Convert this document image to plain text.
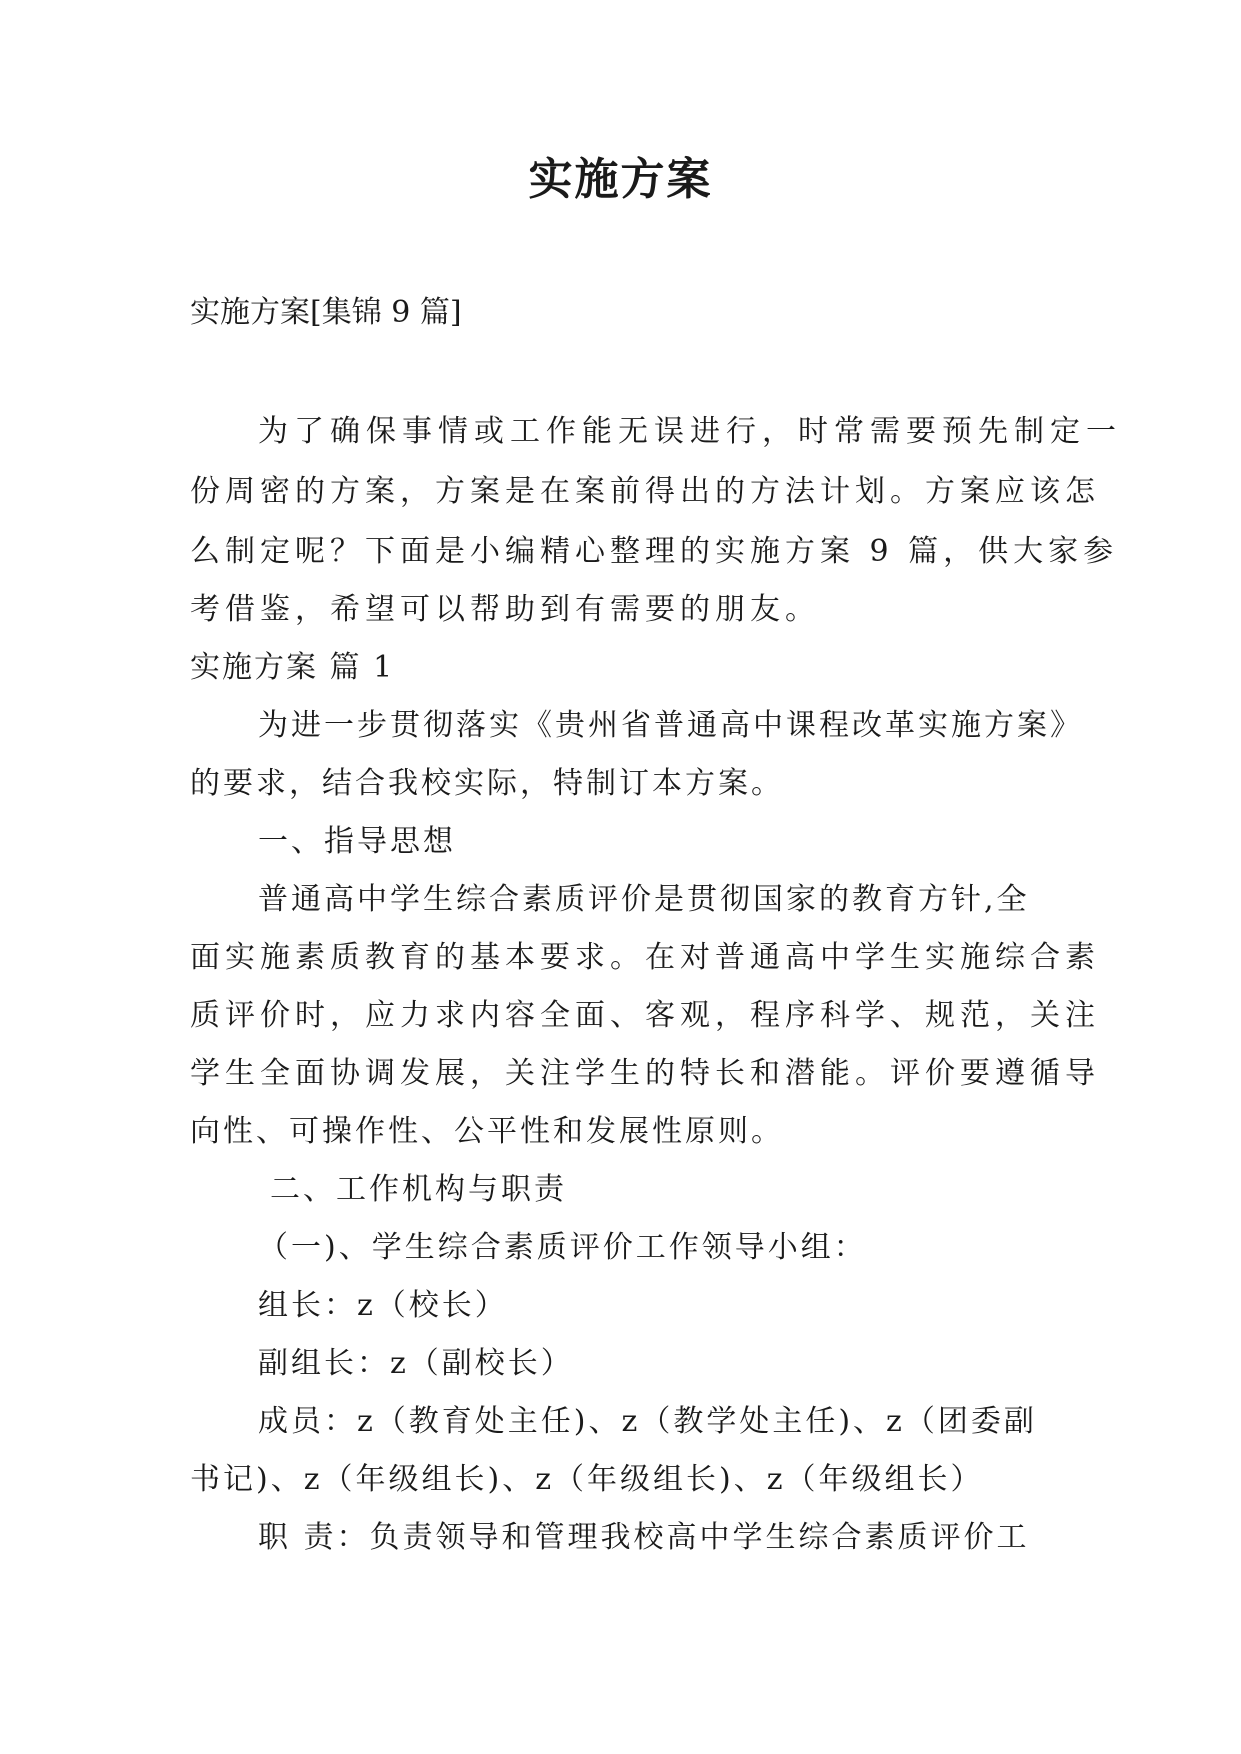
实施方案
实施方案[集锦 9 篇]
为了确保事情或工作能无误进行，时常需要预先制定一
份周密的方案，方案是在案前得出的方法计划。方案应该怎
么制定呢？下面是小编精心整理的实施方案 9 篇，供大家参
考借鉴，希望可以帮助到有需要的朋友。
实施方案 篇 1
为进一步贯彻落实《贵州省普通高中课程改革实施方案》
的要求，结合我校实际，特制订本方案。
一、指导思想
普通高中学生综合素质评价是贯彻国家的教育方针,全
面实施素质教育的基本要求。在对普通高中学生实施综合素
质评价时，应力求内容全面、客观，程序科学、规范，关注
学生全面协调发展，关注学生的特长和潜能。评价要遵循导
向性、可操作性、公平性和发展性原则。
二、工作机构与职责
（一)、学生综合素质评价工作领导小组：
组长：z（校长）
副组长：z（副校长）
成员：z（教育处主任)、z（教学处主任)、z（团委副
书记)、z（年级组长)、z（年级组长)、z（年级组长）
职 责：负责领导和管理我校高中学生综合素质评价工
